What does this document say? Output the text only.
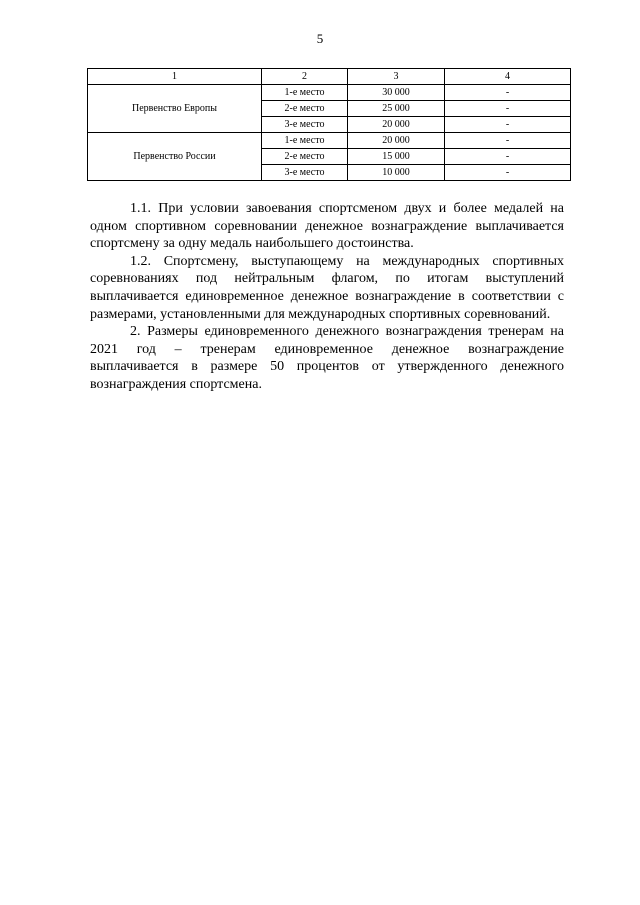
5
1	2	3	4
Первенство Европы	1-е место	30 000	-
	2-е место	25 000	-
	3-е место	20 000	-
Первенство России	1-е место	20 000	-
	2-е место	15 000	-
	3-е место	10 000	-

1.1. При условии завоевания спортсменом двух и более медалей на одном спортивном соревновании денежное вознаграждение выплачивается спортсмену за одну медаль наибольшего достоинства.

1.2. Спортсмену, выступающему на международных спортивных соревнованиях под нейтральным флагом, по итогам выступлений выплачивается единовременное денежное вознаграждение в соответствии с размерами, установленными для международных спортивных соревнований.

2. Размеры единовременного денежного вознаграждения тренерам на 2021 год – тренерам единовременное денежное вознаграждение выплачивается в размере 50 процентов от утвержденного денежного вознаграждения спортсмена.
